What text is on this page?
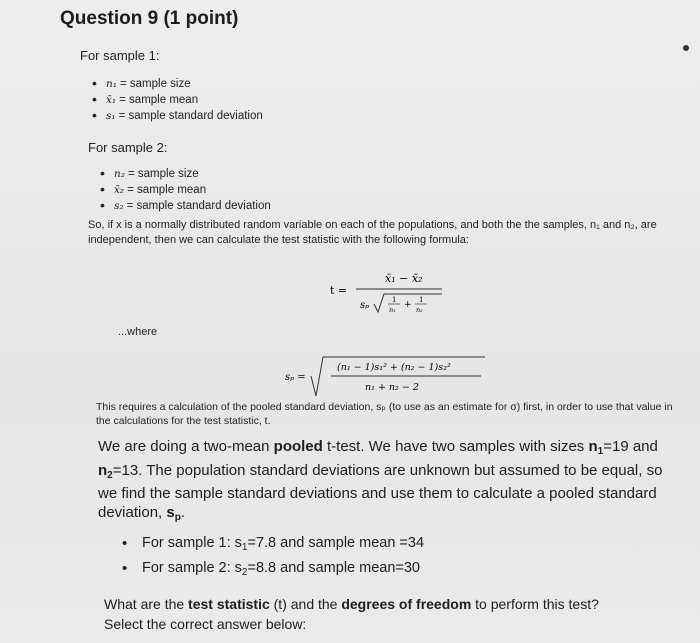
Question 9 (1 point)
For sample 1:
• n₁ = sample size
• x̄₁ = sample mean
• s₁ = sample standard deviation
For sample 2:
• n₂ = sample size
• x̄₂ = sample mean
• s₂ = sample standard deviation
So, if x is a normally distributed random variable on each of the populations, and both the the samples, n₁ and n₂, are independent, then we can calculate the test statistic with the following formula:
t =
x̄₁ − x̄₂
sₚ	1
n₁ + 1
n₂
...where
sₚ =
(n₁ − 1)s₁² + (n₂ − 1)s₂²
n₁ + n₂ − 2
This requires a calculation of the pooled standard deviation, sₚ (to use as an estimate for σ) first, in order to use that value in the calculations for the test statistic, t.
We are doing a two-mean pooled t-test. We have two samples with sizes $n_1=19$ and $n_2=13$. The population standard deviations are unknown but assumed to be equal, so we find the sample standard deviations and use them to calculate a pooled standard deviation, $s_p$.
• For sample 1: $s_1=7.8$ and sample mean =34
• For sample 2: $s_2=8.8$ and sample mean=30
What are the test statistic (t) and the degrees of freedom to perform this test?
Select the correct answer below:
